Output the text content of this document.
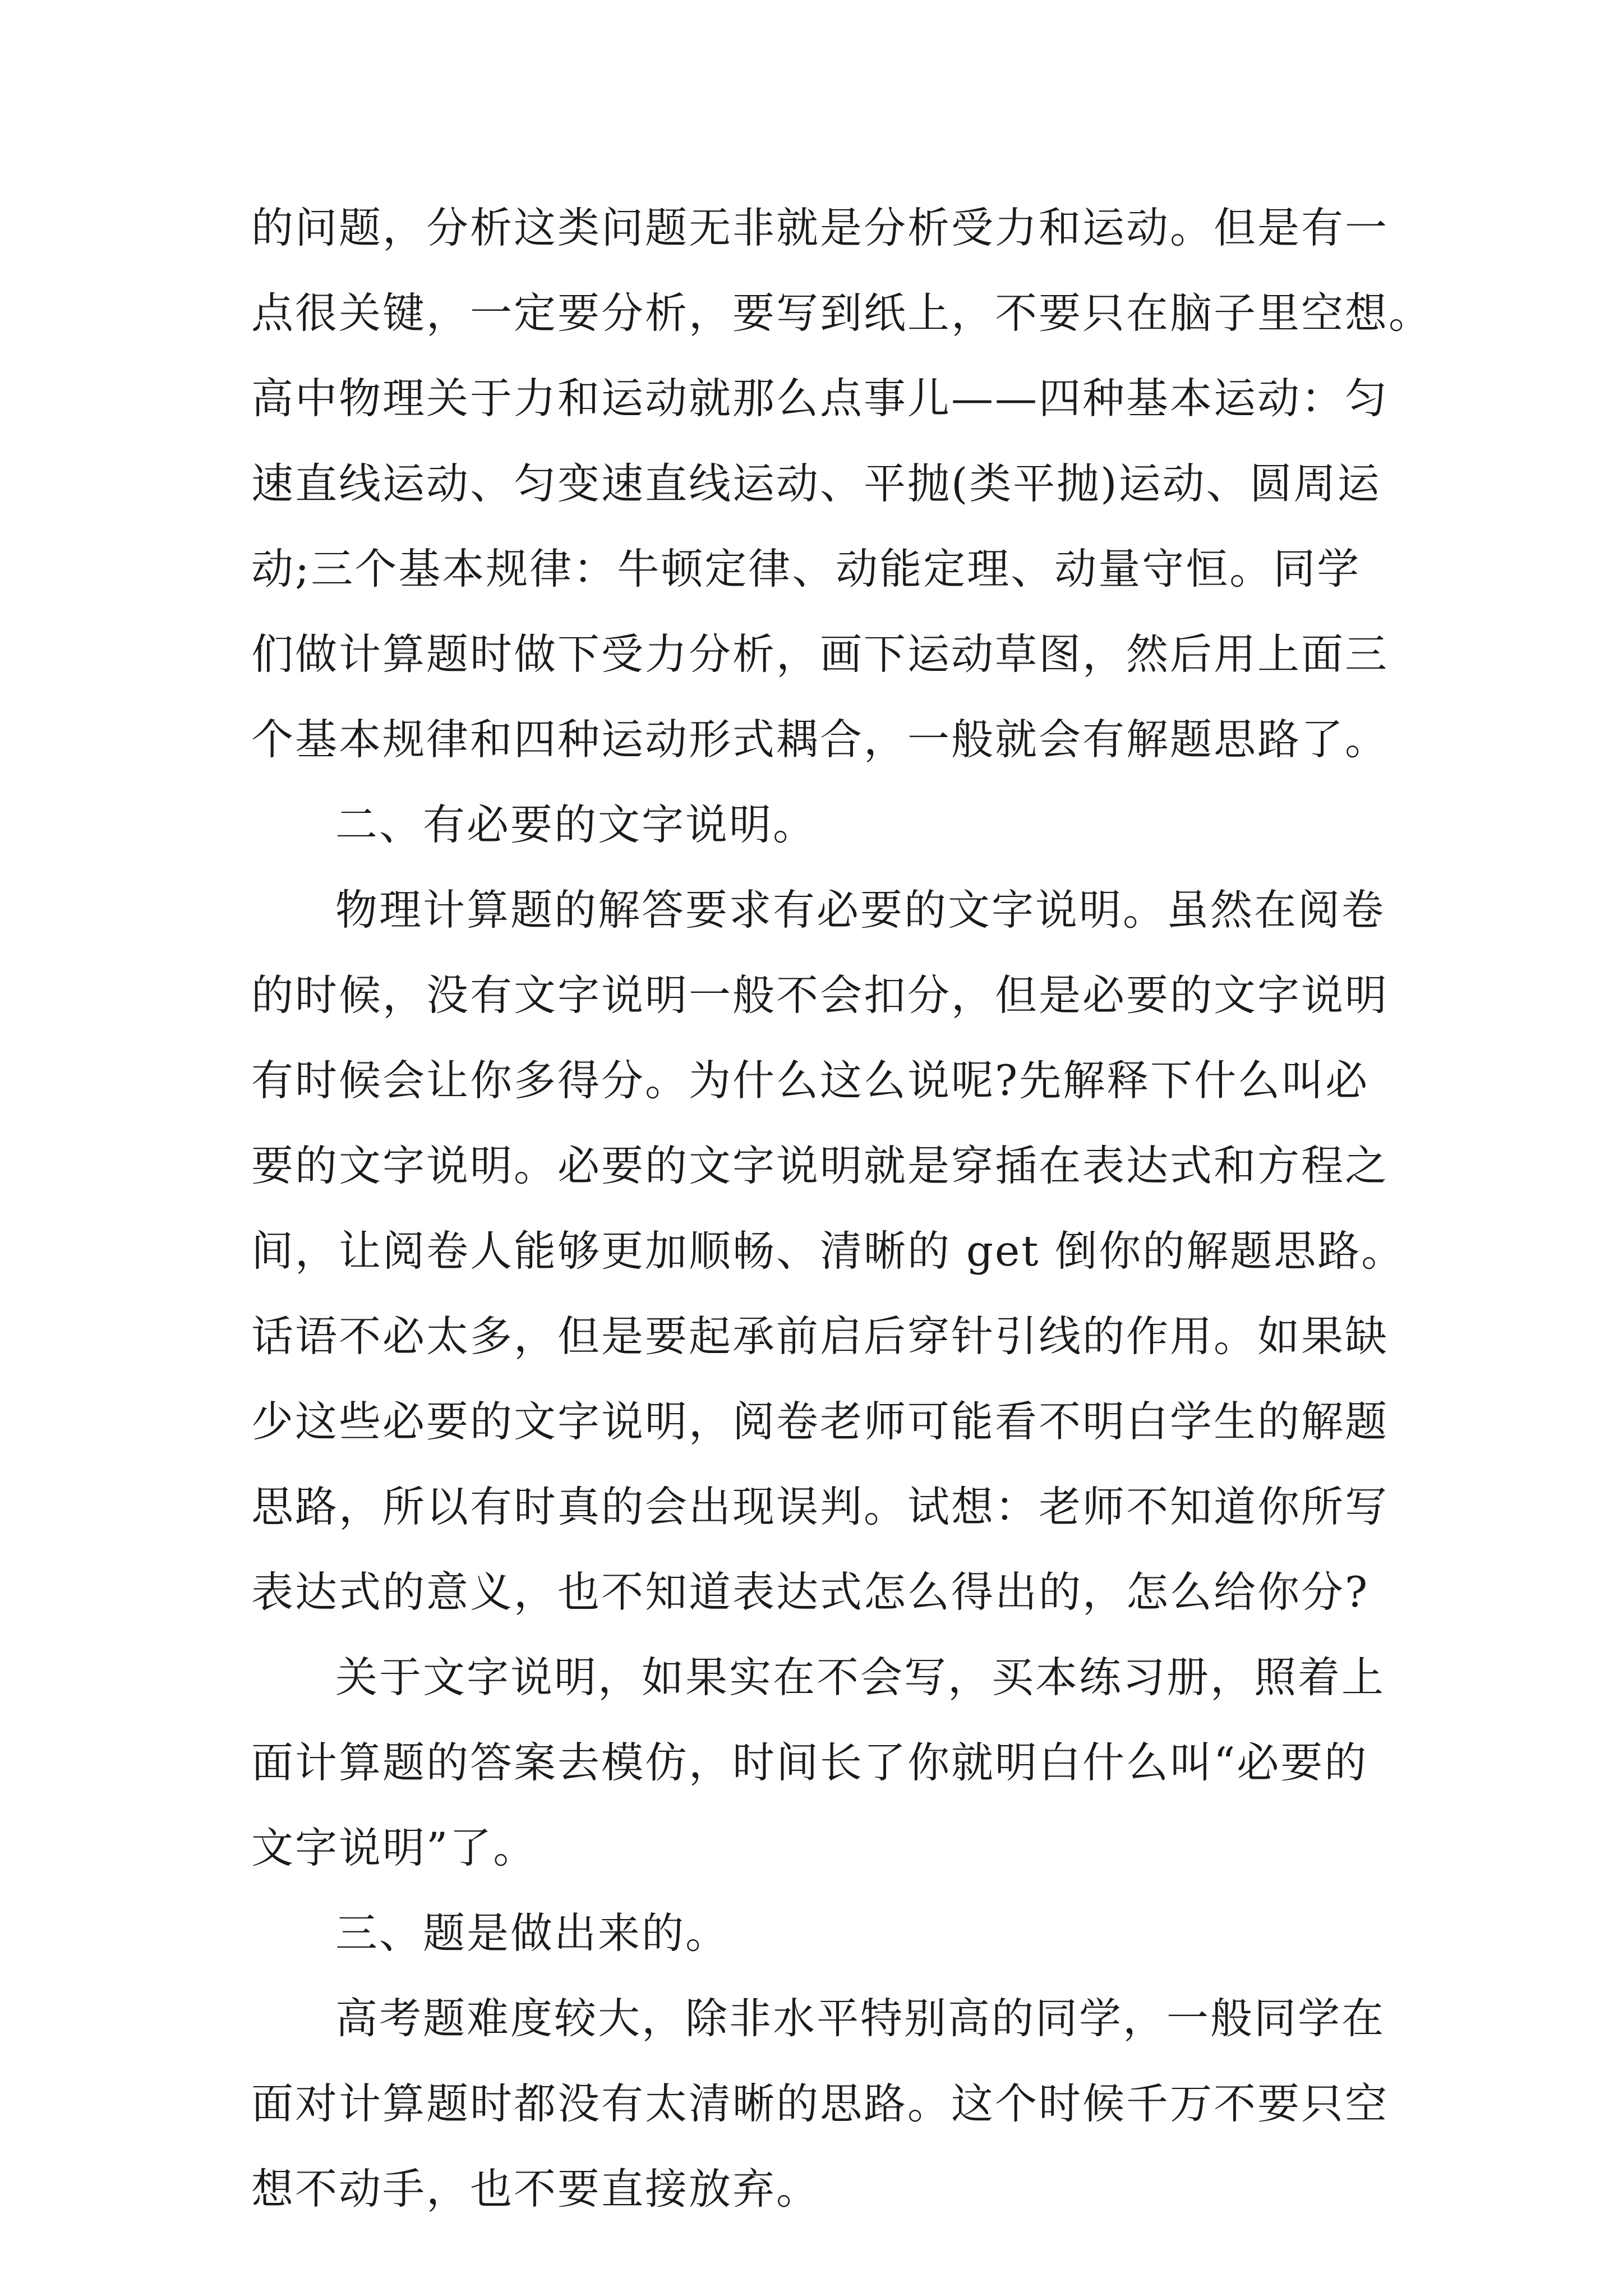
的问题，分析这类问题无非就是分析受力和运动。但是有一
点很关键，一定要分析，要写到纸上，不要只在脑子里空想。
高中物理关于力和运动就那么点事儿——四种基本运动：匀
速直线运动、匀变速直线运动、平抛(类平抛)运动、圆周运
动;三个基本规律：牛顿定律、动能定理、动量守恒。同学
们做计算题时做下受力分析，画下运动草图，然后用上面三
个基本规律和四种运动形式耦合，一般就会有解题思路了。
二、有必要的文字说明。
物理计算题的解答要求有必要的文字说明。虽然在阅卷
的时候，没有文字说明一般不会扣分，但是必要的文字说明
有时候会让你多得分。为什么这么说呢?先解释下什么叫必
要的文字说明。必要的文字说明就是穿插在表达式和方程之
间，让阅卷人能够更加顺畅、清晰的 get 倒你的解题思路。
话语不必太多，但是要起承前启后穿针引线的作用。如果缺
少这些必要的文字说明，阅卷老师可能看不明白学生的解题
思路，所以有时真的会出现误判。试想：老师不知道你所写
表达式的意义，也不知道表达式怎么得出的，怎么给你分?
关于文字说明，如果实在不会写，买本练习册，照着上
面计算题的答案去模仿，时间长了你就明白什么叫“必要的
文字说明”了。
三、题是做出来的。
高考题难度较大，除非水平特别高的同学，一般同学在
面对计算题时都没有太清晰的思路。这个时候千万不要只空
想不动手，也不要直接放弃。
